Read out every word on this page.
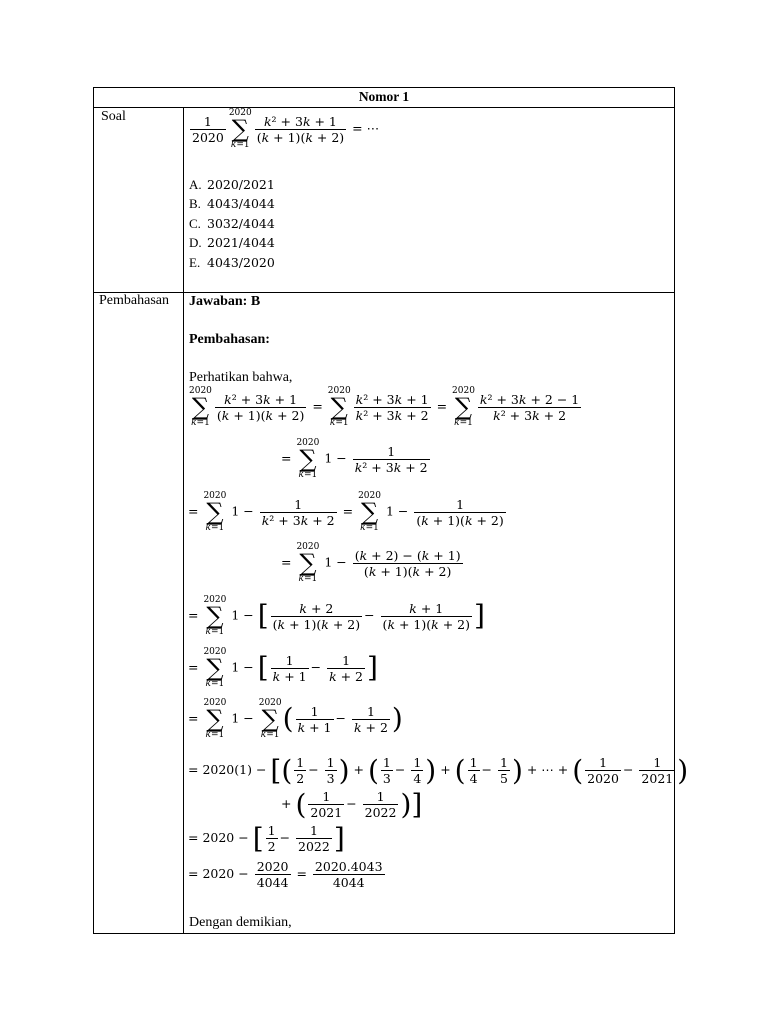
Nomor 1
Soal
Pembahasan
$\frac{1}{2020}$
2020
∑
k=1
$\frac{\text{k² + 3k + 1}}{(k + 1)(k + 2)}$ = ⋯
A. 2020/2021
B. 4043/4044
C. 3032/4044
D. 2021/4044
E. 4043/2020
Jawaban: B
Pembahasan:
Perhatikan bahwa,
2020
∑
k=1
$\frac{\text{k² + 3k + 1}}{(k + 1)(k + 2)}$ =
2020
∑
k=1
$\frac{\text{k² + 3k + 1}}{\text{k² + 3k + 2}}$ =
2020
∑
k=1
$\frac{\text{k² + 3k + 2 − 1}}{\text{k² + 3k + 2}}$
=
2020
∑
k=1
$1 - \frac{1}{\text{k² + 3k + 2}}$
=
2020
∑
k=1
$1 - \frac{1}{\text{k² + 3k + 2}}$ =
2020
∑
k=1
$1 - \frac{1}{(k + 1)(k + 2)}$
=
2020
∑
k=1
$1 - \frac{(k + 2) - (k + 1)}{(k + 1)(k + 2)}$
=
2020
∑
k=1
1 − [ $\frac{k + 2}{(k + 1)(k + 2)} - \frac{k + 1}{(k + 1)(k + 2)}$ ]
=
2020
∑
k=1
1 − [ $\frac{1}{k + 1} - \frac{1}{k + 2}$ ]
=
2020
∑
k=1
1 −
2020
∑
k=1 ( $\frac{1}{k + 1} - \frac{1}{k + 2}$ )
= 2020(1) − [( $\frac{1}{2} - \frac{1}{3}$ ) + ( $\frac{1}{3} - \frac{1}{4}$ ) + ( $\frac{1}{4} - \frac{1}{5}$ ) + ⋯ + ( $\frac{1}{2020} - \frac{1}{2021}$ )
+ ( $\frac{1}{2021} - \frac{1}{2022}$ )]
= 2020 − [ $\frac{1}{2} - \frac{1}{2022}$ ]
= $2020 - \frac{2020}{4044} = \frac{2020.4043}{4044}$
Dengan demikian,
